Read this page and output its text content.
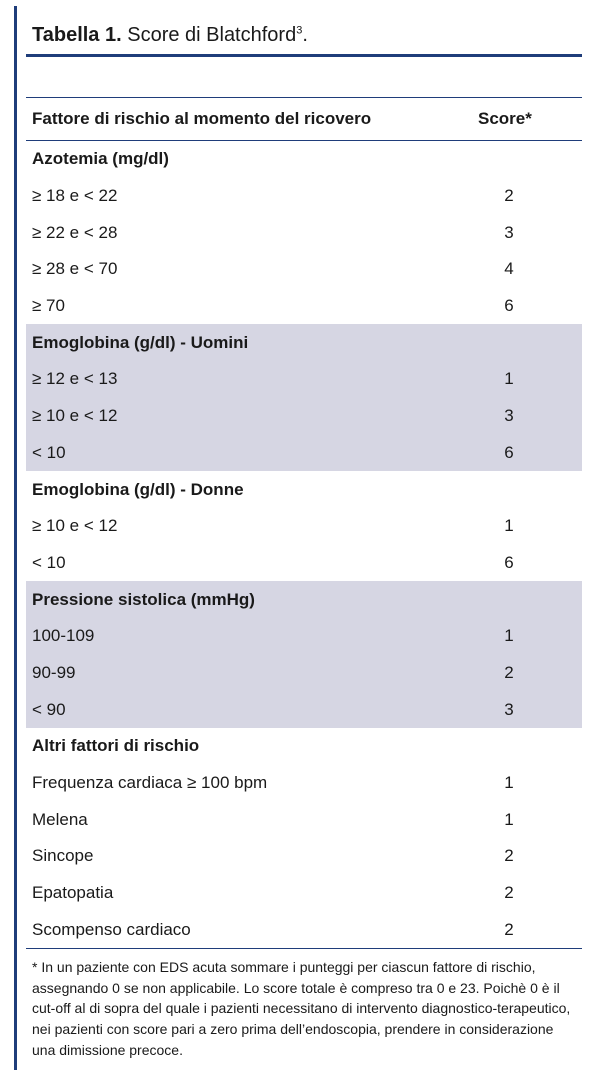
Tabella 1. Score di Blatchford$^3$.
Fattore di rischio al momento del ricovero	Score*
Azotemia (mg/dl)
≥ 18 e < 22	2
≥ 22 e < 28	3
≥ 28 e < 70	4
≥ 70	6
Emoglobina (g/dl) - Uomini
≥ 12 e < 13	1
≥ 10 e < 12	3
< 10	6
Emoglobina (g/dl) - Donne
≥ 10 e < 12	1
< 10	6
Pressione sistolica (mmHg)
100-109	1
90-99	2
< 90	3
Altri fattori di rischio
Frequenza cardiaca ≥ 100 bpm	1
Melena	1
Sincope	2
Epatopatia	2
Scompenso cardiaco	2
* In un paziente con EDS acuta sommare i punteggi per ciascun fattore di rischio, assegnando 0 se non applicabile. Lo score totale è compreso tra 0 e 23. Poichè 0 è il cut-off al di sopra del quale i pazienti necessitano di intervento diagnostico-terapeutico, nei pazienti con score pari a zero prima dell’endoscopia, prendere in considerazione una dimissione precoce.
